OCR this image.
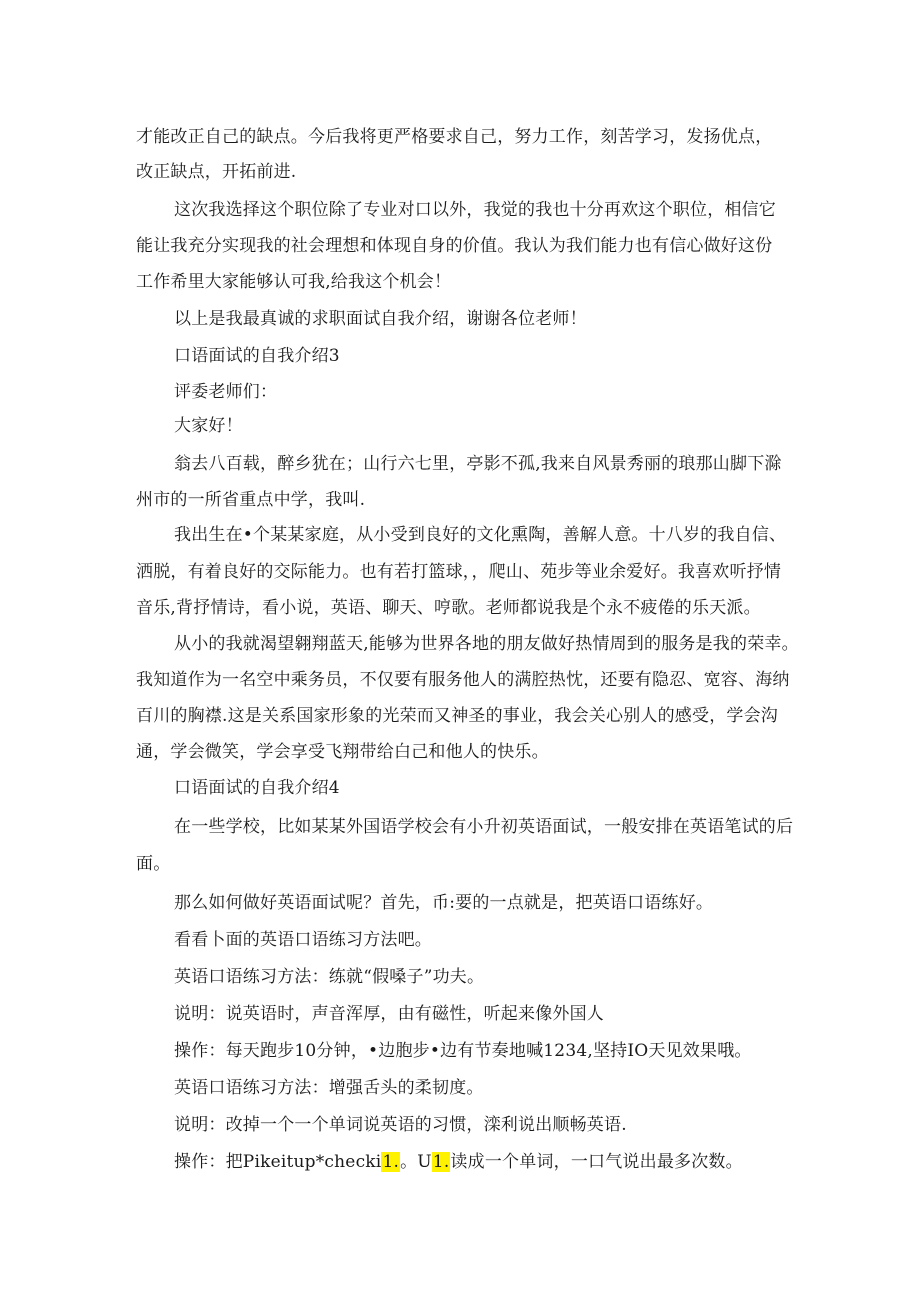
才能改正自己的缺点。今后我将更严格要求自己，努力工作，刻苦学习，发扬优点，
改正缺点，开拓前进.
这次我选择这个职位除了专业对口以外，我觉的我也十分再欢这个职位，相信它
能让我充分实现我的社会理想和体现自身的价值。我认为我们能力也有信心做好这份
工作希里大家能够认可我,给我这个机会！
以上是我最真诚的求职面试自我介绍，谢谢各位老师！
口语面试的自我介绍3
评委老师们：
大家好！
翁去八百载，醉乡犹在；山行六七里，亭影不孤,我来自风景秀丽的琅那山脚下滁
州市的一所省重点中学，我叫.
我出生在•个某某家庭，从小受到良好的文化熏陶，善解人意。十八岁的我自信、
洒脱，有着良好的交际能力。也有若打篮球，，爬山、苑步等业余爱好。我喜欢听抒情
音乐,背抒情诗，看小说，英语、聊天、哼歌。老师都说我是个永不疲倦的乐天派。
从小的我就渴望翱翔蓝天,能够为世界各地的朋友做好热情周到的服务是我的荣幸。
我知道作为一名空中乘务员，不仅要有服务他人的满腔热忱，还要有隐忍、宽容、海纳
百川的胸襟.这是关系国家形象的光荣而又神圣的事业，我会关心别人的感受，学会沟
通，学会微笑，学会享受飞翔带给白己和他人的快乐。
口语面试的自我介绍4
在一些学校，比如某某外国语学校会有小升初英语面试，一般安排在英语笔试的后
面。
那么如何做好英语面试呢？首先，币:要的一点就是，把英语口语练好。
看看卜面的英语口语练习方法吧。
英语口语练习方法：练就“假嗓子”功夫。
说明：说英语时，声音浑厚，由有磁性，听起来像外国人
操作：每天跑步10分钟，•边胞步•边有节奏地喊1234,坚持IO天见效果哦。
英语口语练习方法：增强舌头的柔韧度。
说明：改掉一个一个单词说英语的习惯，滦利说出顺畅英语.
操作：把Pikeitup*checki1.。U1.读成一个单词，一口气说出最多次数。
